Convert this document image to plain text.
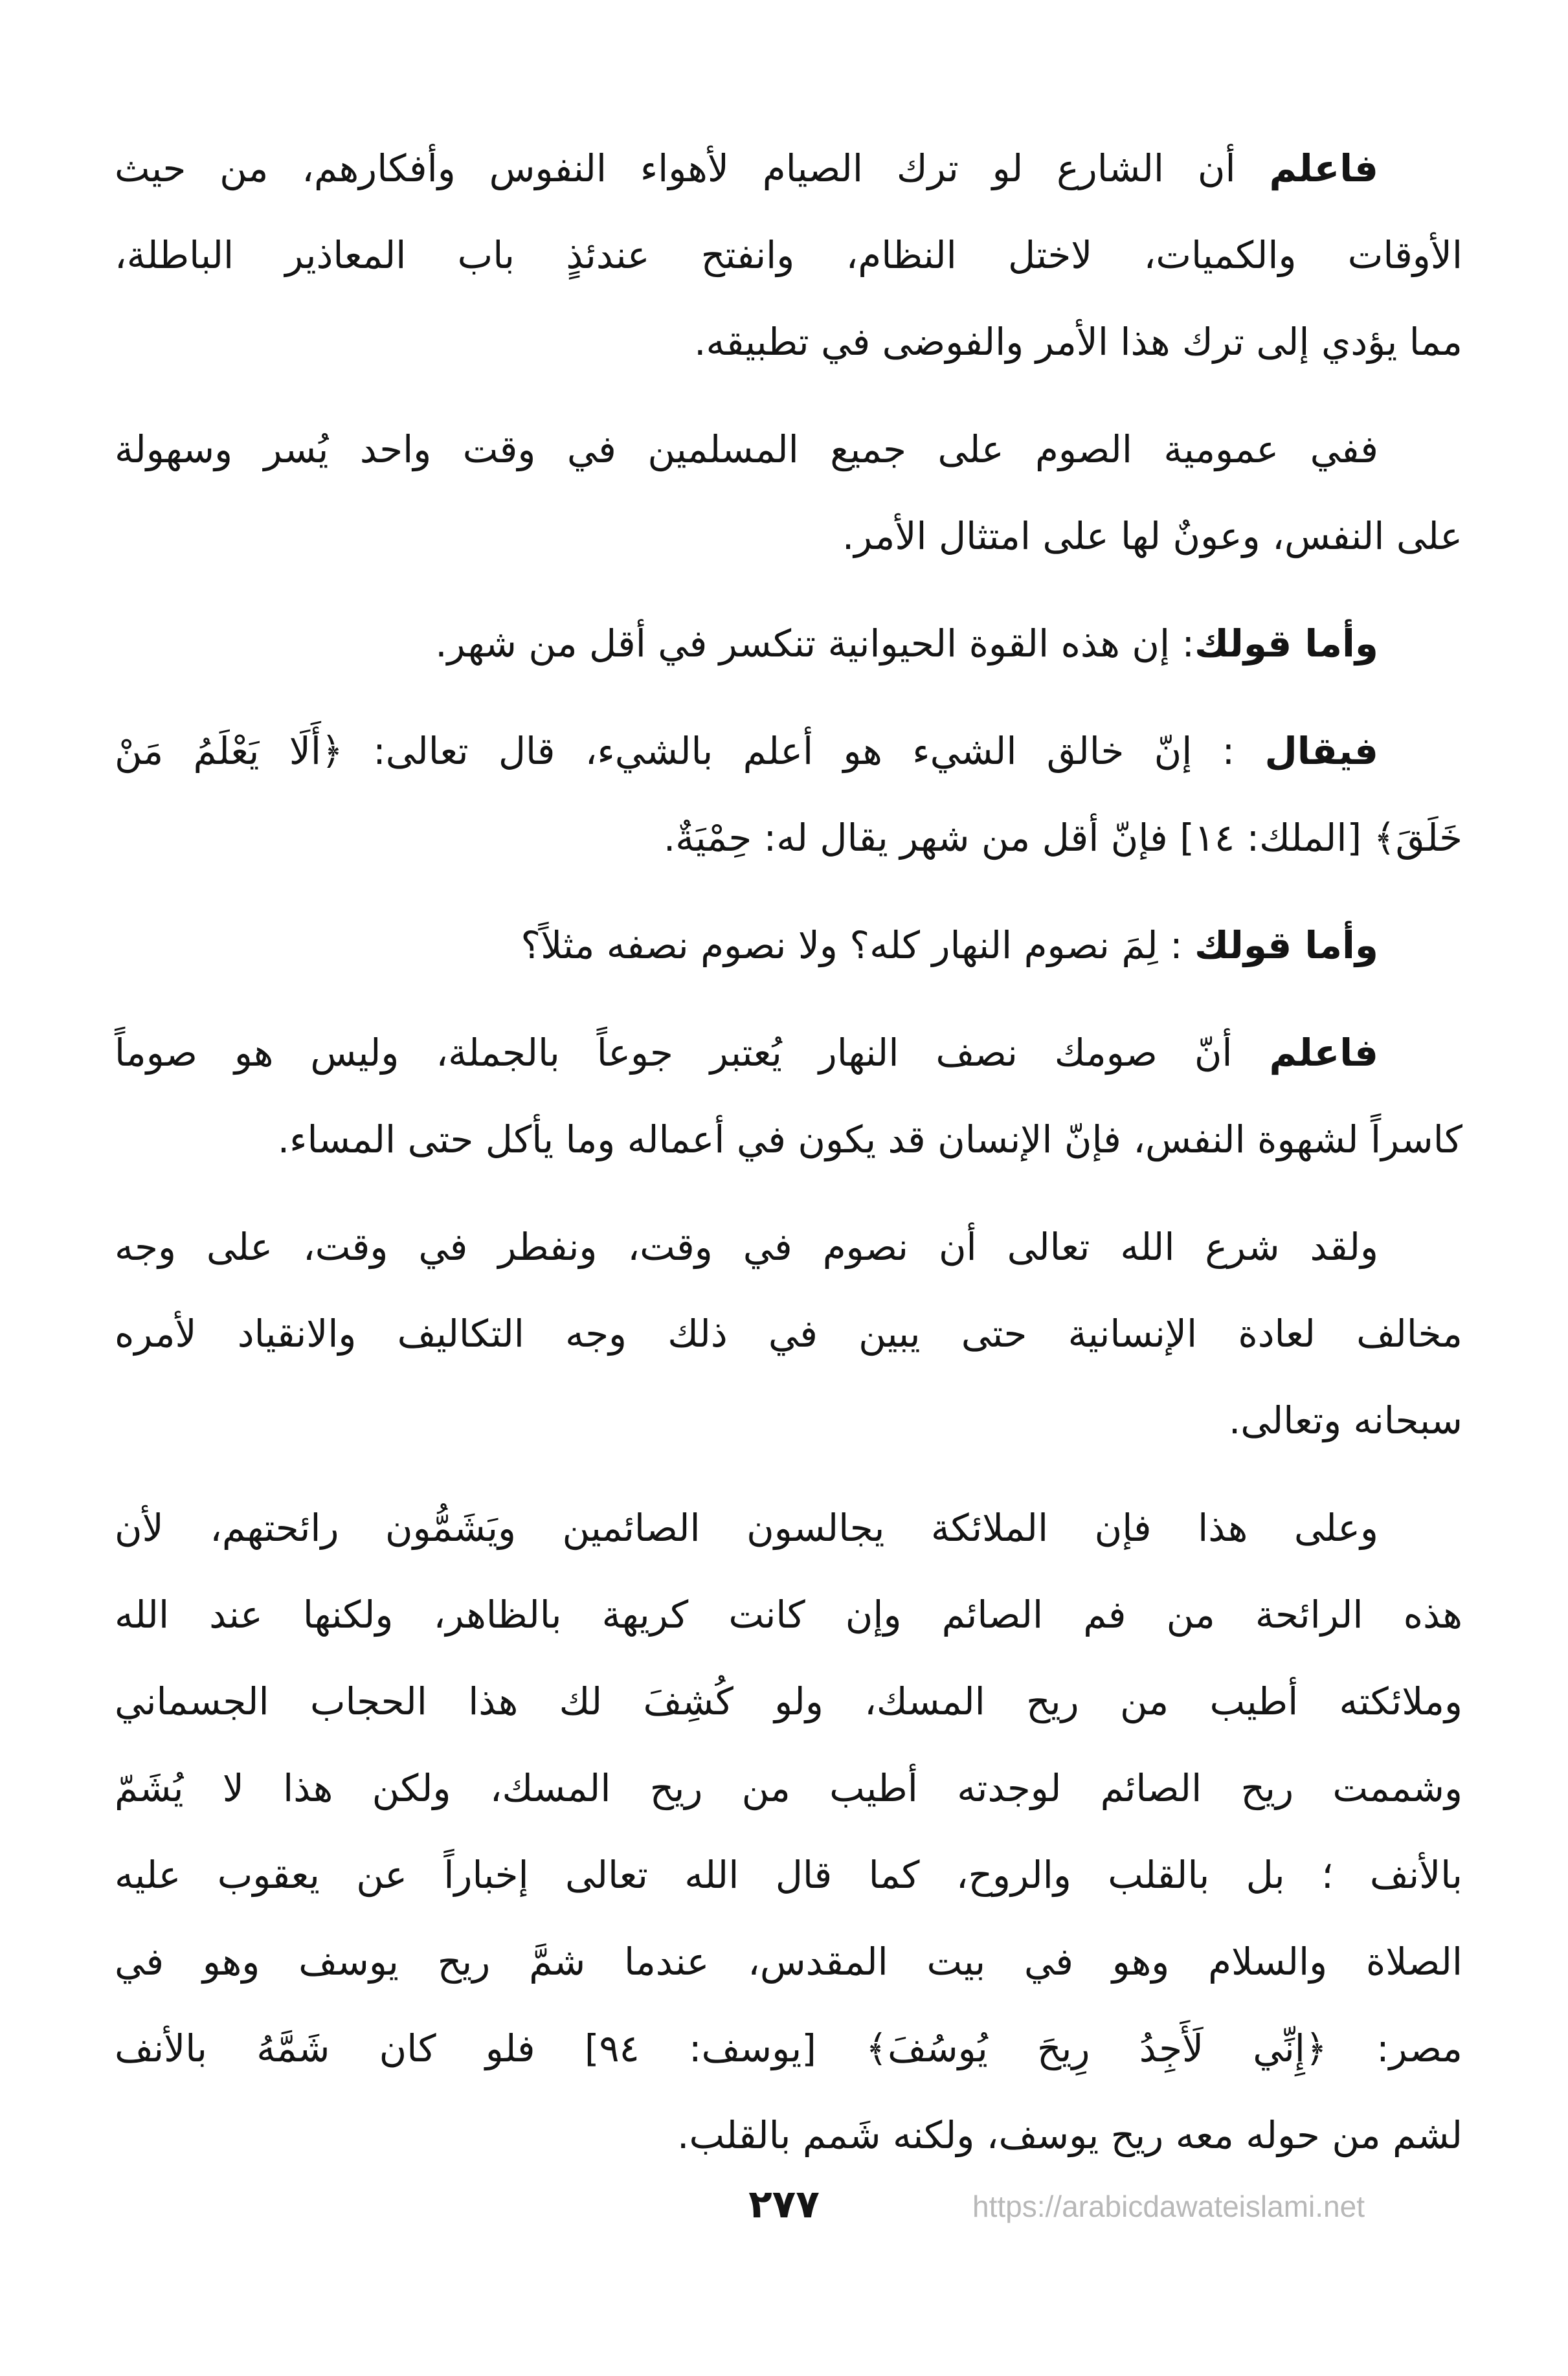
فاعلم أن الشارع لو ترك الصيام لأهواء النفوس وأفكارهم، من حيث
الأوقات والكميات، لاختل النظام، وانفتح عندئذٍ باب المعاذير الباطلة،
مما يؤدي إلى ترك هذا الأمر والفوضى في تطبيقه.
ففي عمومية الصوم على جميع المسلمين في وقت واحد يُسر وسهولة
على النفس، وعونٌ لها على امتثال الأمر.
وأما قولك: إن هذه القوة الحيوانية تنكسر في أقل من شهر.
فيقال : إنّ خالق الشيء هو أعلم بالشيء، قال تعالى: ﴿أَلَا يَعْلَمُ مَنْ
خَلَقَ﴾ [الملك: ١٤] فإنّ أقل من شهر يقال له: حِمْيَةٌ.
وأما قولك : لِمَ نصوم النهار كله؟ ولا نصوم نصفه مثلاً؟
فاعلم أنّ صومك نصف النهار يُعتبر جوعاً بالجملة، وليس هو صوماً
كاسراً لشهوة النفس، فإنّ الإنسان قد يكون في أعماله وما يأكل حتى المساء.
ولقد شرع الله تعالى أن نصوم في وقت، ونفطر في وقت، على وجه
مخالف لعادة الإنسانية حتى يبين في ذلك وجه التكاليف والانقياد لأمره
سبحانه وتعالى.
وعلى هذا فإن الملائكة يجالسون الصائمين ويَشَمُّون رائحتهم، لأن
هذه الرائحة من فم الصائم وإن كانت كريهة بالظاهر، ولكنها عند الله
وملائكته أطيب من ريح المسك، ولو كُشِفَ لك هذا الحجاب الجسماني
وشممت ريح الصائم لوجدته أطيب من ريح المسك، ولكن هذا لا يُشَمّ
بالأنف ؛ بل بالقلب والروح، كما قال الله تعالى إخباراً عن يعقوب عليه
الصلاة والسلام وهو في بيت المقدس، عندما شمَّ ريح يوسف وهو في
مصر: ﴿إِنِّي لَأَجِدُ رِيحَ يُوسُفَ﴾ [يوسف: ٩٤] فلو كان شَمَّهُ بالأنف
لشم من حوله معه ريح يوسف، ولكنه شَمم بالقلب.
٢٧٧	https://arabicdawateislami.net
